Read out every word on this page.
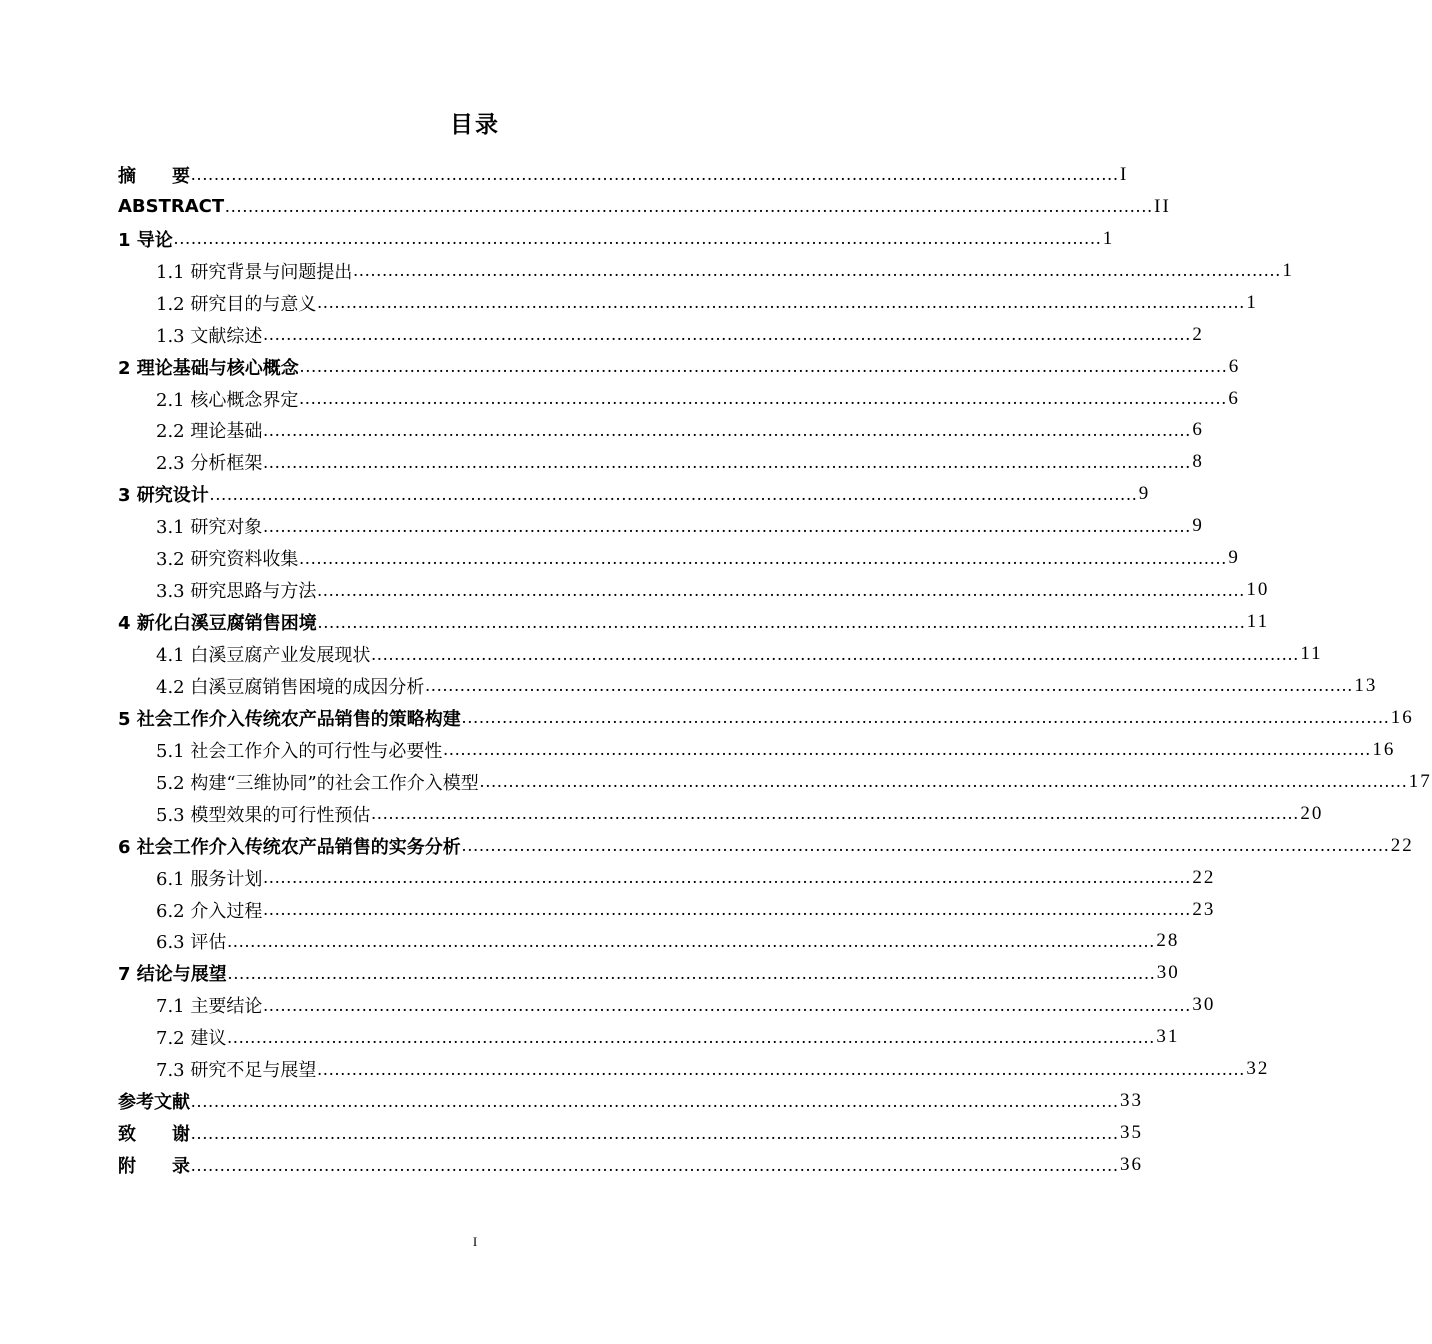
目录
摘　　要 ................................................................................................................................................................ I
ABSTRACT ................................................................................................................................................................ II
1 导论 ................................................................................................................................................................ 1
1.1 研究背景与问题提出 ................................................................................................................................................................ 1
1.2 研究目的与意义 ................................................................................................................................................................ 1
1.3 文献综述 ................................................................................................................................................................ 2
2 理论基础与核心概念 ................................................................................................................................................................ 6
2.1 核心概念界定 ................................................................................................................................................................ 6
2.2 理论基础 ................................................................................................................................................................ 6
2.3 分析框架 ................................................................................................................................................................ 8
3 研究设计 ................................................................................................................................................................ 9
3.1 研究对象 ................................................................................................................................................................ 9
3.2 研究资料收集 ................................................................................................................................................................ 9
3.3 研究思路与方法 ................................................................................................................................................................ 10
4 新化白溪豆腐销售困境 ................................................................................................................................................................ 11
4.1 白溪豆腐产业发展现状 ................................................................................................................................................................ 11
4.2 白溪豆腐销售困境的成因分析 ................................................................................................................................................................ 13
5 社会工作介入传统农产品销售的策略构建 ................................................................................................................................................................ 16
5.1 社会工作介入的可行性与必要性 ................................................................................................................................................................ 16
5.2 构建“三维协同”的社会工作介入模型 ................................................................................................................................................................ 17
5.3 模型效果的可行性预估 ................................................................................................................................................................ 20
6 社会工作介入传统农产品销售的实务分析 ................................................................................................................................................................ 22
6.1 服务计划 ................................................................................................................................................................ 22
6.2 介入过程 ................................................................................................................................................................ 23
6.3 评估 ................................................................................................................................................................ 28
7 结论与展望 ................................................................................................................................................................ 30
7.1 主要结论 ................................................................................................................................................................ 30
7.2 建议 ................................................................................................................................................................ 31
7.3 研究不足与展望 ................................................................................................................................................................ 32
参考文献 ................................................................................................................................................................ 33
致　　谢 ................................................................................................................................................................ 35
附　　录 ................................................................................................................................................................ 36
I
